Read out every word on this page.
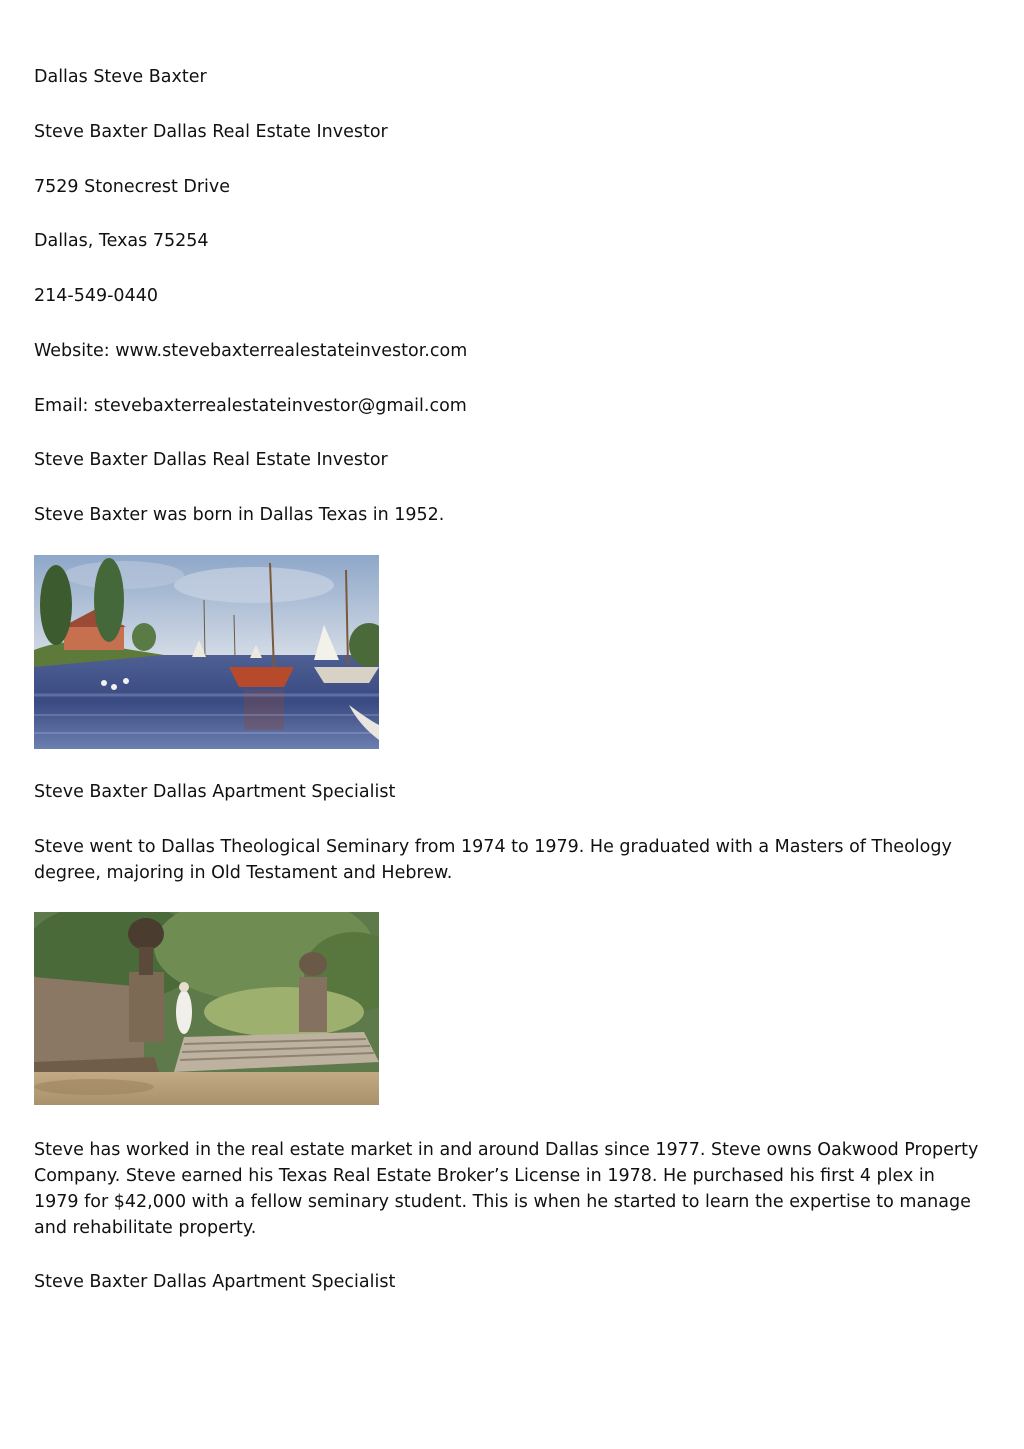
Dallas Steve Baxter

Steve Baxter Dallas Real Estate Investor

7529 Stonecrest Drive

Dallas, Texas 75254

214-549-0440

Website: www.stevebaxterrealestateinvestor.com

Email: stevebaxterrealestateinvestor@gmail.com

Steve Baxter Dallas Real Estate Investor

Steve Baxter was born in Dallas Texas in 1952.

Steve Baxter Dallas Apartment Specialist

Steve went to Dallas Theological Seminary from 1974 to 1979. He graduated with a Masters of Theology degree, majoring in Old Testament and Hebrew.

Steve has worked in the real estate market in and around Dallas since 1977. Steve owns Oakwood Property Company. Steve earned his Texas Real Estate Broker’s License in 1978. He purchased his first 4 plex in 1979 for $42,000 with a fellow seminary student. This is when he started to learn the expertise to manage and rehabilitate property.

Steve Baxter Dallas Apartment Specialist
